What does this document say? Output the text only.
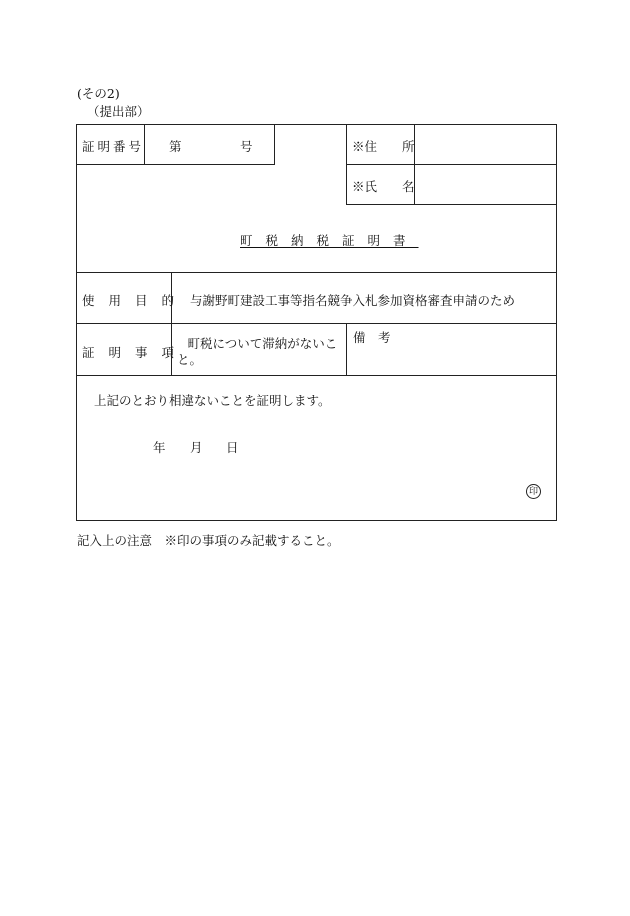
(その2)
（提出部）
証明番号 第	号	※住　　所
※氏　　名
町税納税証明書
使用目的 与謝野町建設工事等指名競争入札参加資格審査申請のため
証明事項
　町税について滞納がないこ
と。
備　考
上記のとおり相違ないことを証明します。
年 月 日
印
記入上の注意　※印の事項のみ記載すること。
